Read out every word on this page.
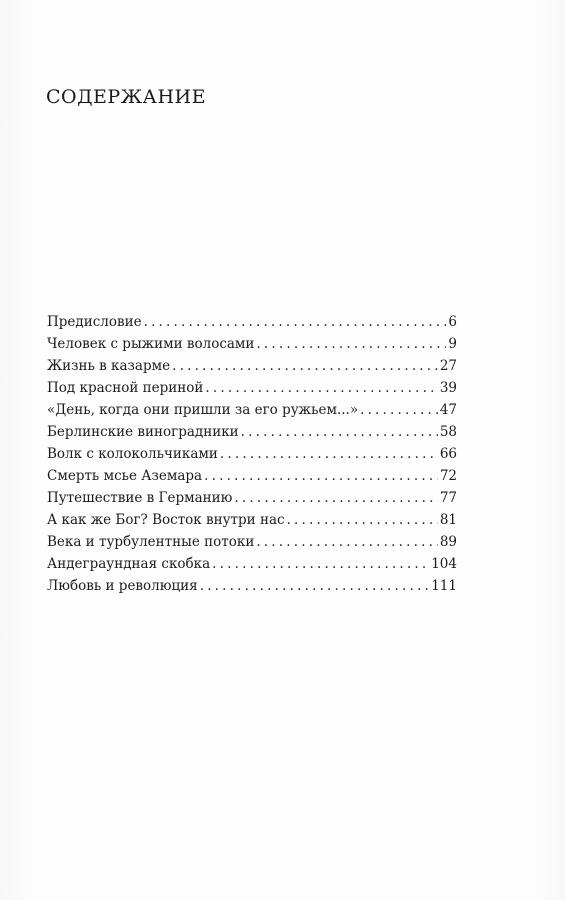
СОДЕРЖАНИЕ
Предисловие .....	6
Человек с рыжими волосами .....	9
Жизнь в казарме .....	27
Под красной периной .....	39
«День, когда они пришли за его ружьем...» .....	47
Берлинские виноградники .....	58
Волк с колокольчиками .....	66
Смерть мсье Аземара .....	72
Путешествие в Германию .....	77
А как же Бог? Восток внутри нас .....	81
Века и турбулентные потоки .....	89
Андеграундная скобка .....	104
Любовь и революция .....	111
